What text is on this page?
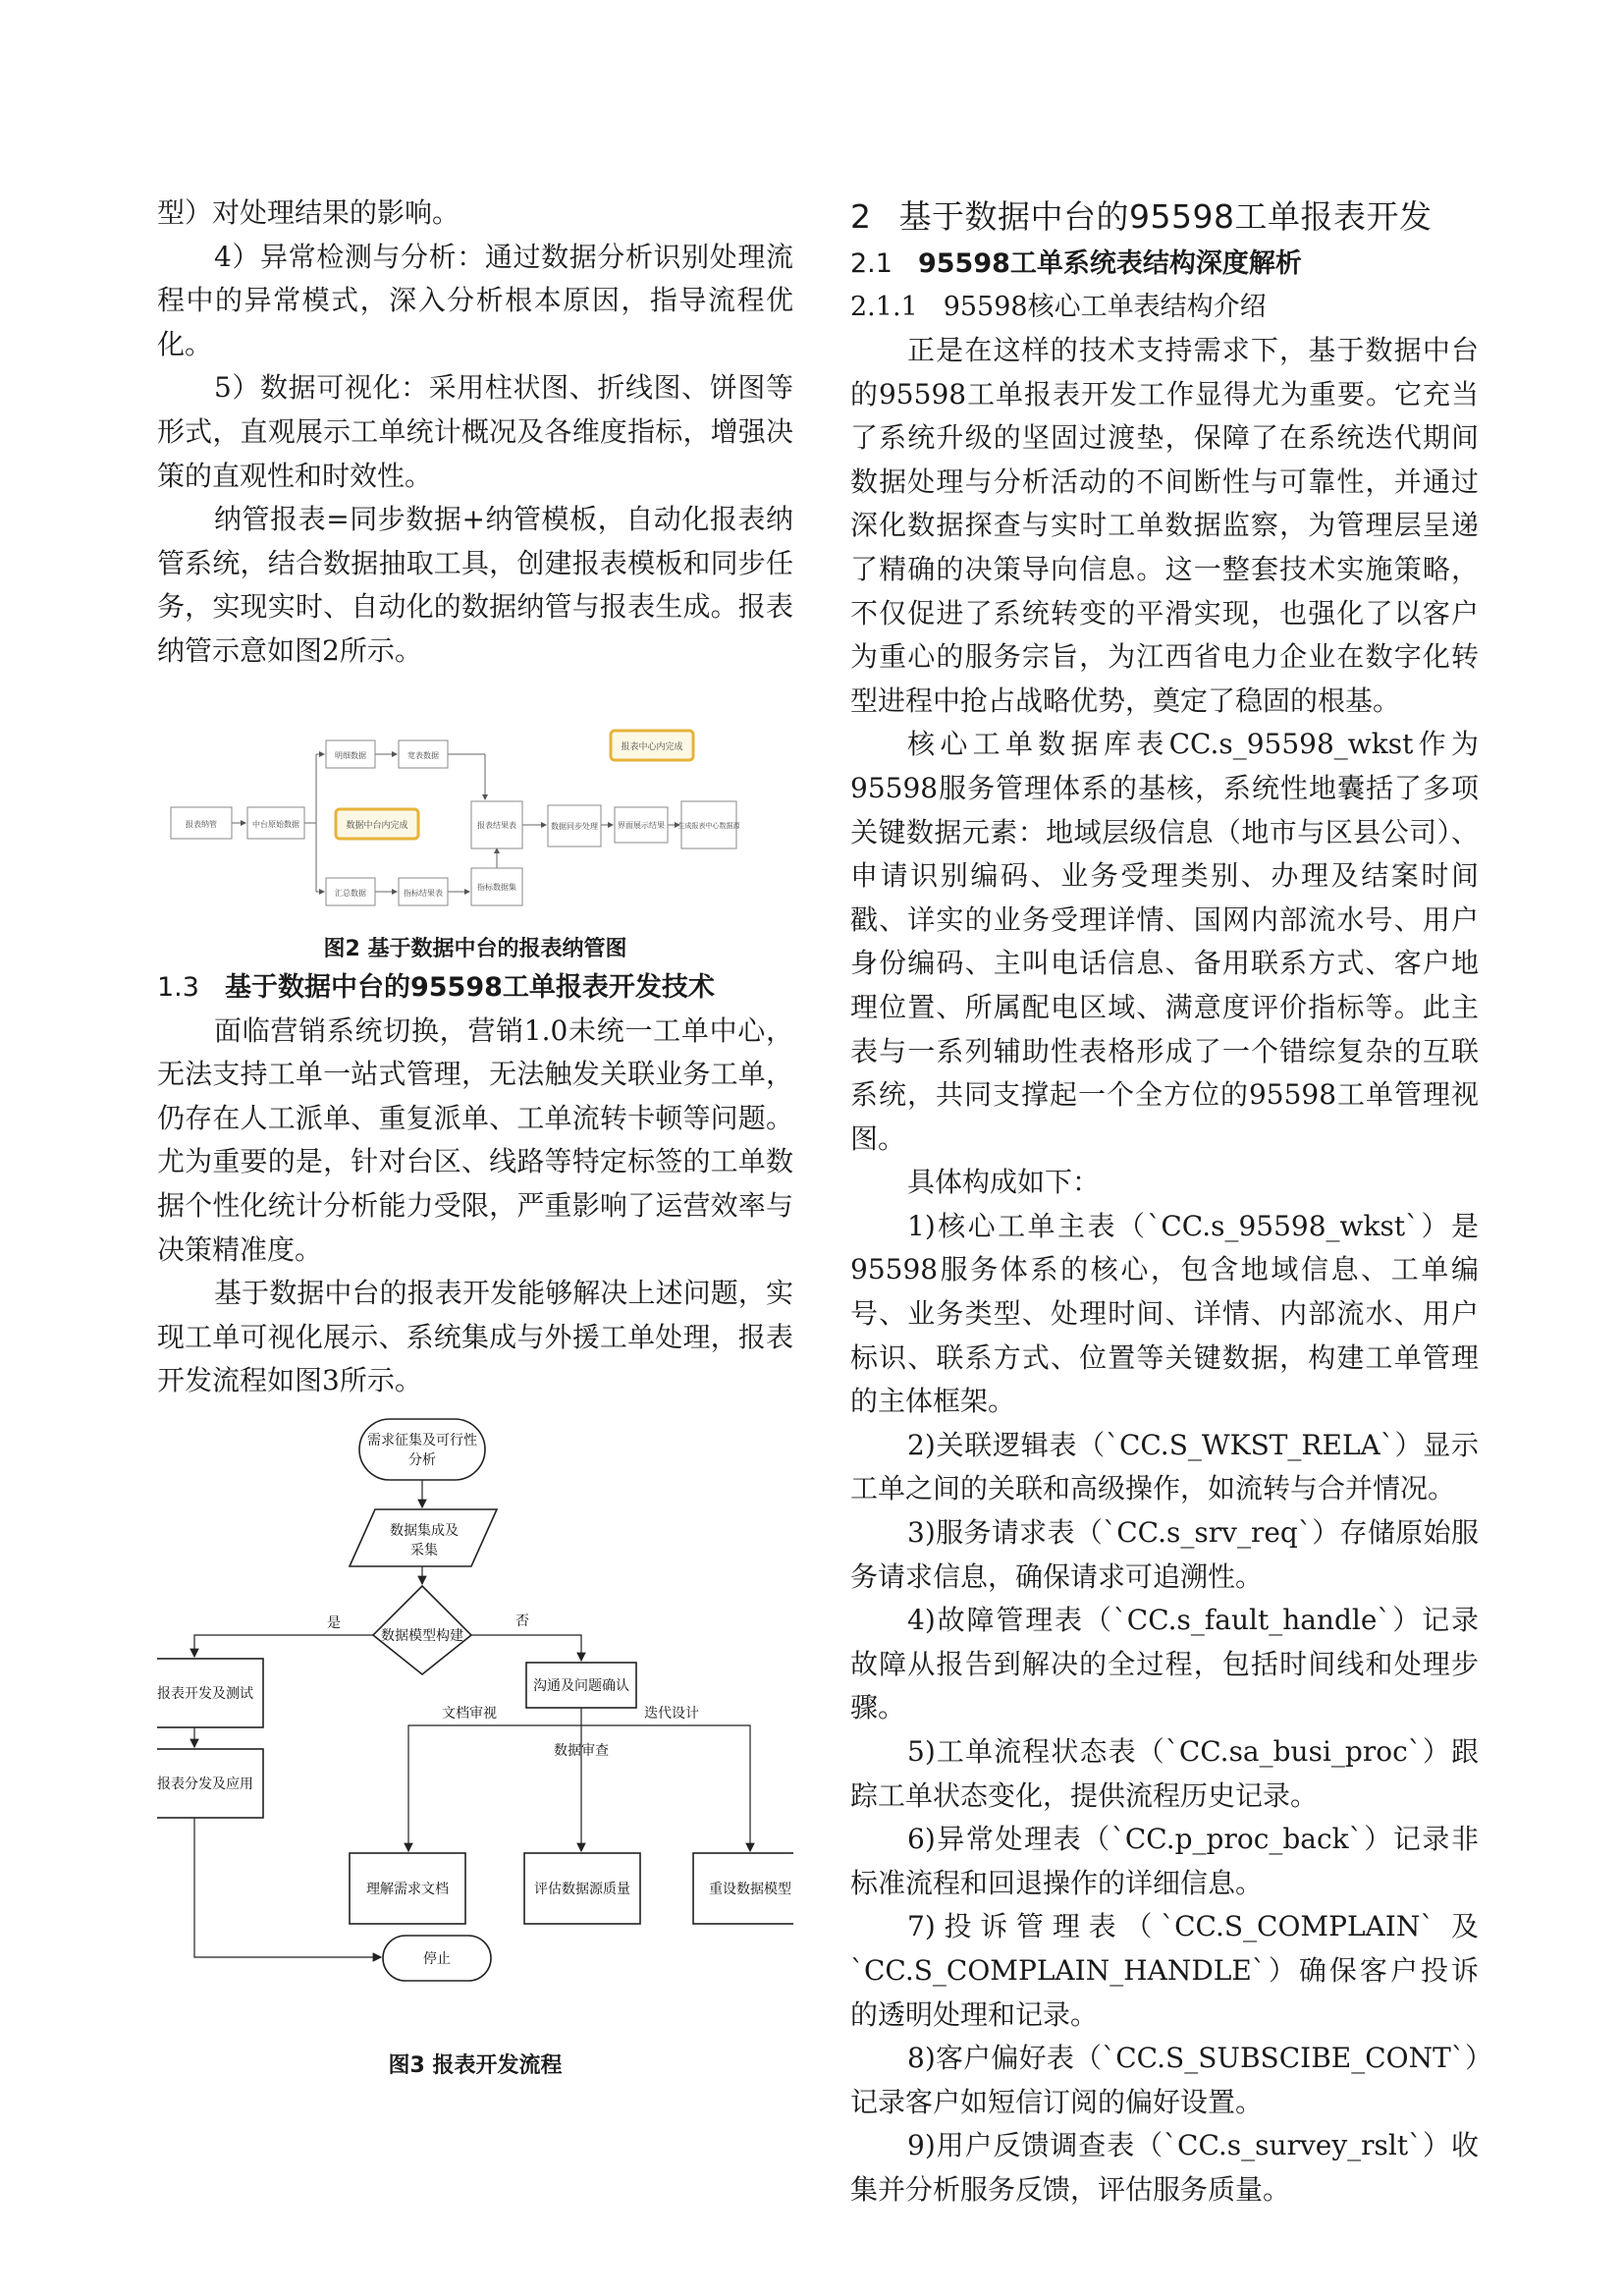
型）对处理结果的影响。

4）异常检测与分析：通过数据分析识别处理流程中的异常模式，深入分析根本原因，指导流程优化。

5）数据可视化：采用柱状图、折线图、饼图等形式，直观展示工单统计概况及各维度指标，增强决策的直观性和时效性。

纳管报表=同步数据+纳管模板，自动化报表纳管系统，结合数据抽取工具，创建报表模板和同步任务，实现实时、自动化的数据纳管与报表生成。报表纳管示意如图2所示。

报表纳管	中台原始数据
明细数据	宽表数据
汇总数据	指标结果表
指标数据集
报表结果表	数据同步处理	界面展示结果 生成报表中心数据源
数据中台内完成
报表中心内完成
图2 基于数据中台的报表纳管图
1.3 基于数据中台的95598工单报表开发技术

面临营销系统切换，营销1.0未统一工单中心，无法支持工单一站式管理，无法触发关联业务工单，仍存在人工派单、重复派单、工单流转卡顿等问题。尤为重要的是，针对台区、线路等特定标签的工单数据个性化统计分析能力受限，严重影响了运营效率与决策精准度。

基于数据中台的报表开发能够解决上述问题，实现工单可视化展示、系统集成与外援工单处理，报表开发流程如图3所示。

需求征集及可行性
分析
数据集成及
采集
数据模型构建
是	否
报表开发及测试
报表分发及应用
沟通及问题确认
文档审视
数据审查
迭代设计
理解需求文档	评估数据源质量	重设数据模型
停止
图3 报表开发流程
2 基于数据中台的95598工单报表开发
2.1 95598工单系统表结构深度解析
2.1.1 95598核心工单表结构介绍

正是在这样的技术支持需求下，基于数据中台的95598工单报表开发工作显得尤为重要。它充当了系统升级的坚固过渡垫，保障了在系统迭代期间数据处理与分析活动的不间断性与可靠性，并通过深化数据探查与实时工单数据监察，为管理层呈递了精确的决策导向信息。这一整套技术实施策略，不仅促进了系统转变的平滑实现，也强化了以客户为重心的服务宗旨，为江西省电力企业在数字化转型进程中抢占战略优势，奠定了稳固的根基。

核心工单数据库表CC.s_95598_wkst作为95598服务管理体系的基核，系统性地囊括了多项关键数据元素：地域层级信息（地市与区县公司）、申请识别编码、业务受理类别、办理及结案时间戳、详实的业务受理详情、国网内部流水号、用户身份编码、主叫电话信息、备用联系方式、客户地理位置、所属配电区域、满意度评价指标等。此主表与一系列辅助性表格形成了一个错综复杂的互联系统，共同支撑起一个全方位的95598工单管理视图。

具体构成如下：

1)核心工单主表（`CC.s_95598_wkst`）是95598服务体系的核心，包含地域信息、工单编号、业务类型、处理时间、详情、内部流水、用户标识、联系方式、位置等关键数据，构建工单管理的主体框架。

2)关联逻辑表（`CC.S_WKST_RELA`）显示工单之间的关联和高级操作，如流转与合并情况。

3)服务请求表（`CC.s_srv_req`）存储原始服务请求信息，确保请求可追溯性。

4)故障管理表（`CC.s_fault_handle`）记录故障从报告到解决的全过程，包括时间线和处理步骤。

5)工单流程状态表（`CC.sa_busi_proc`）跟踪工单状态变化，提供流程历史记录。

6)异常处理表（`CC.p_proc_back`）记录非标准流程和回退操作的详细信息。

7)投诉管理表（`CC.S_COMPLAIN` 及`CC.S_COMPLAIN_HANDLE`）确保客户投诉的透明处理和记录。

8)客户偏好表（`CC.S_SUBSCIBE_CONT`）记录客户如短信订阅的偏好设置。

9)用户反馈调查表（`CC.s_survey_rslt`）收集并分析服务反馈，评估服务质量。
